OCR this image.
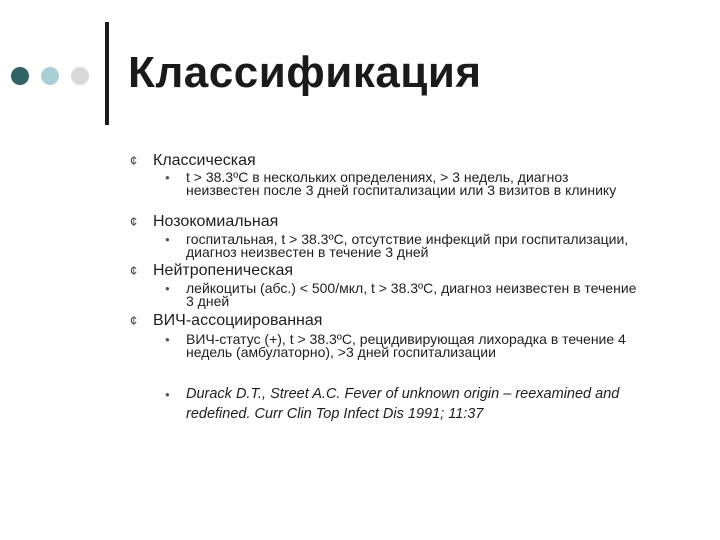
Классификация
¢ Классическая
● t > 38.3ºC в нескольких определениях, > 3 недель, диагноз неизвестен после 3 дней госпитализации или 3 визитов в клинику
¢ Нозокомиальная
● госпитальная, t > 38.3ºC, отсутствие инфекций при госпитализации, диагноз неизвестен в течение 3 дней
¢ Нейтропеническая
● лейкоциты (абс.) < 500/мкл, t > 38.3ºC, диагноз неизвестен в течение 3 дней
¢ ВИЧ-ассоциированная
● ВИЧ-статус (+), t > 38.3ºC, рецидивирующая лихорадка в течение 4 недель (амбулаторно), >3 дней госпитализации
● Durack D.T., Street A.C. Fever of unknown origin – reexamined and redefined. Curr Clin Top Infect Dis 1991; 11:37
